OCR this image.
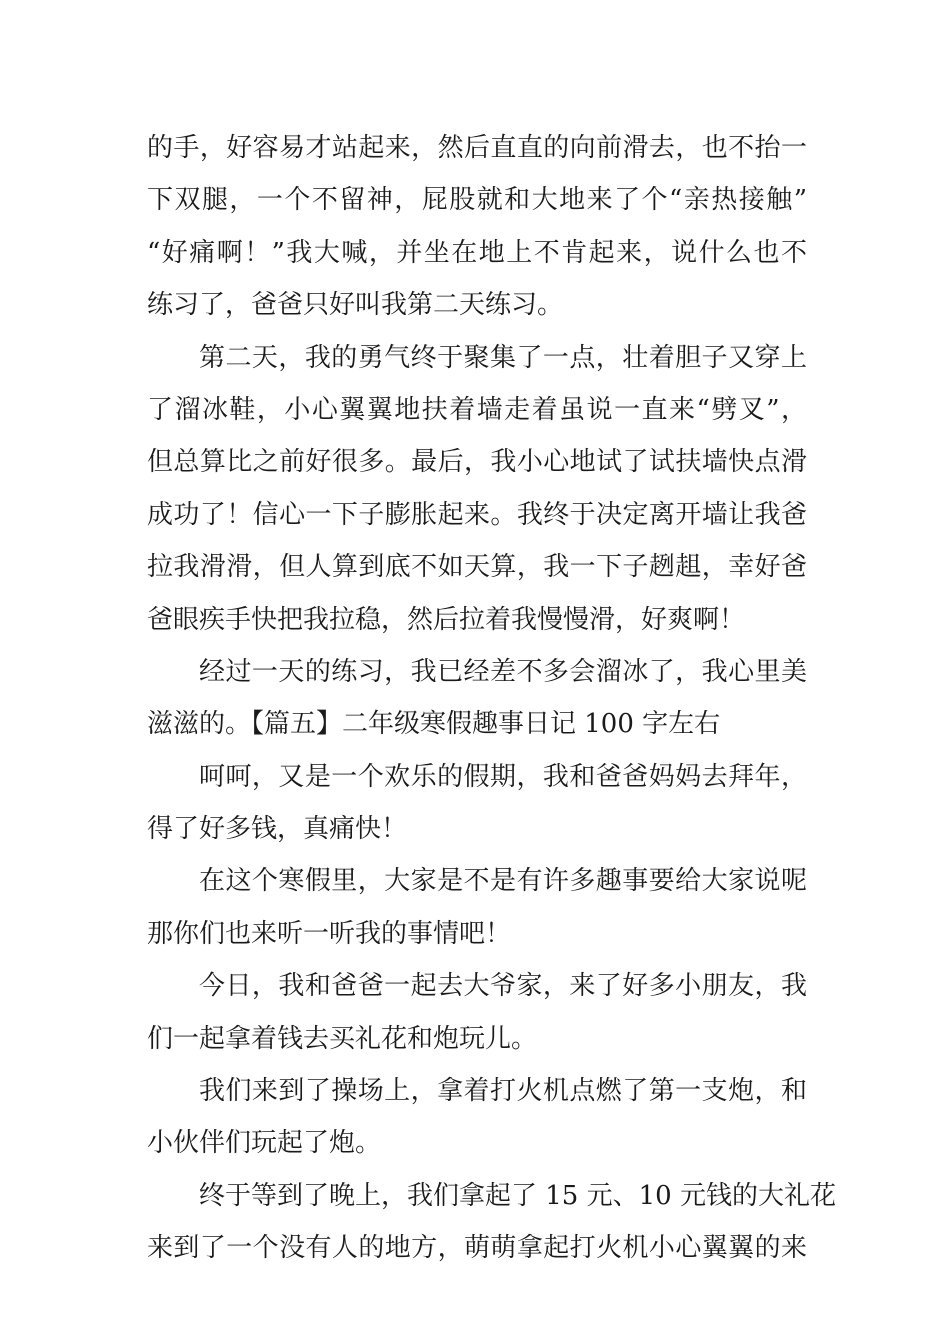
的手，好容易才站起来，然后直直的向前滑去，也不抬一
下双腿，一个不留神，屁股就和大地来了个“亲热接触”
“好痛啊！”我大喊，并坐在地上不肯起来，说什么也不
练习了，爸爸只好叫我第二天练习。
第二天，我的勇气终于聚集了一点，壮着胆子又穿上
了溜冰鞋，小心翼翼地扶着墙走着虽说一直来“劈叉”，
但总算比之前好很多。最后，我小心地试了试扶墙快点滑
成功了！信心一下子膨胀起来。我终于决定离开墙让我爸
拉我滑滑，但人算到底不如天算，我一下子趔趄，幸好爸
爸眼疾手快把我拉稳，然后拉着我慢慢滑，好爽啊！
经过一天的练习，我已经差不多会溜冰了，我心里美
滋滋的。【篇五】二年级寒假趣事日记 100 字左右
呵呵，又是一个欢乐的假期，我和爸爸妈妈去拜年，
得了好多钱，真痛快！
在这个寒假里，大家是不是有许多趣事要给大家说呢
那你们也来听一听我的事情吧！
今日，我和爸爸一起去大爷家，来了好多小朋友，我
们一起拿着钱去买礼花和炮玩儿。
我们来到了操场上，拿着打火机点燃了第一支炮，和
小伙伴们玩起了炮。
终于等到了晚上，我们拿起了 15 元、10 元钱的大礼花
来到了一个没有人的地方，萌萌拿起打火机小心翼翼的来
